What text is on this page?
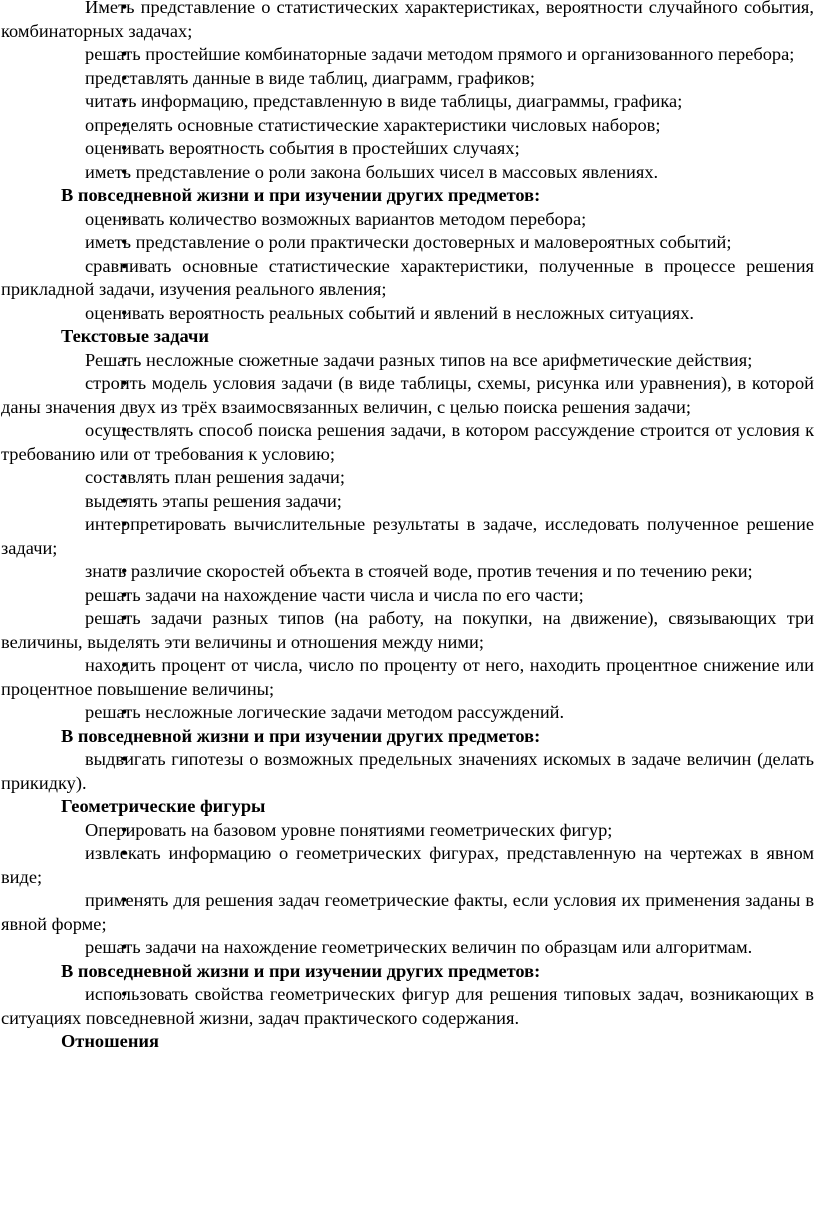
• Иметь представление о статистических характеристиках, вероятности случайного события, комбинаторных задачах;

• решать простейшие комбинаторные задачи методом прямого и организованного перебора;

• представлять данные в виде таблиц, диаграмм, графиков;

• читать информацию, представленную в виде таблицы, диаграммы, графика;

• определять основные статистические характеристики числовых наборов;

• оценивать вероятность события в простейших случаях;

• иметь представление о роли закона больших чисел в массовых явлениях.

В повседневной жизни и при изучении других предметов:

• оценивать количество возможных вариантов методом перебора;

• иметь представление о роли практически достоверных и маловероятных событий;

• сравнивать основные статистические характеристики, полученные в процессе решения прикладной задачи, изучения реального явления;

• оценивать вероятность реальных событий и явлений в несложных ситуациях.

Текстовые задачи

• Решать несложные сюжетные задачи разных типов на все арифметические действия;

• строить модель условия задачи (в виде таблицы, схемы, рисунка или уравнения), в которой даны значения двух из трёх взаимосвязанных величин, с целью поиска решения задачи;

• осуществлять способ поиска решения задачи, в котором рассуждение строится от условия к требованию или от требования к условию;

• составлять план решения задачи;

• выделять этапы решения задачи;

• интерпретировать вычислительные результаты в задаче, исследовать полученное решение задачи;

• знать различие скоростей объекта в стоячей воде, против течения и по течению реки;

• решать задачи на нахождение части числа и числа по его части;

• решать задачи разных типов (на работу, на покупки, на движение), связывающих три величины, выделять эти величины и отношения между ними;

• находить процент от числа, число по проценту от него, находить процентное снижение или процентное повышение величины;

• решать несложные логические задачи методом рассуждений.

В повседневной жизни и при изучении других предметов:

• выдвигать гипотезы о возможных предельных значениях искомых в задаче величин (делать прикидку).

Геометрические фигуры

• Оперировать на базовом уровне понятиями геометрических фигур;

• извлекать информацию о геометрических фигурах, представленную на чертежах в явном виде;

• применять для решения задач геометрические факты, если условия их применения заданы в явной форме;

• решать задачи на нахождение геометрических величин по образцам или алгоритмам.

В повседневной жизни и при изучении других предметов:

• использовать свойства геометрических фигур для решения типовых задач, возникающих в ситуациях повседневной жизни, задач практического содержания.

Отношения
